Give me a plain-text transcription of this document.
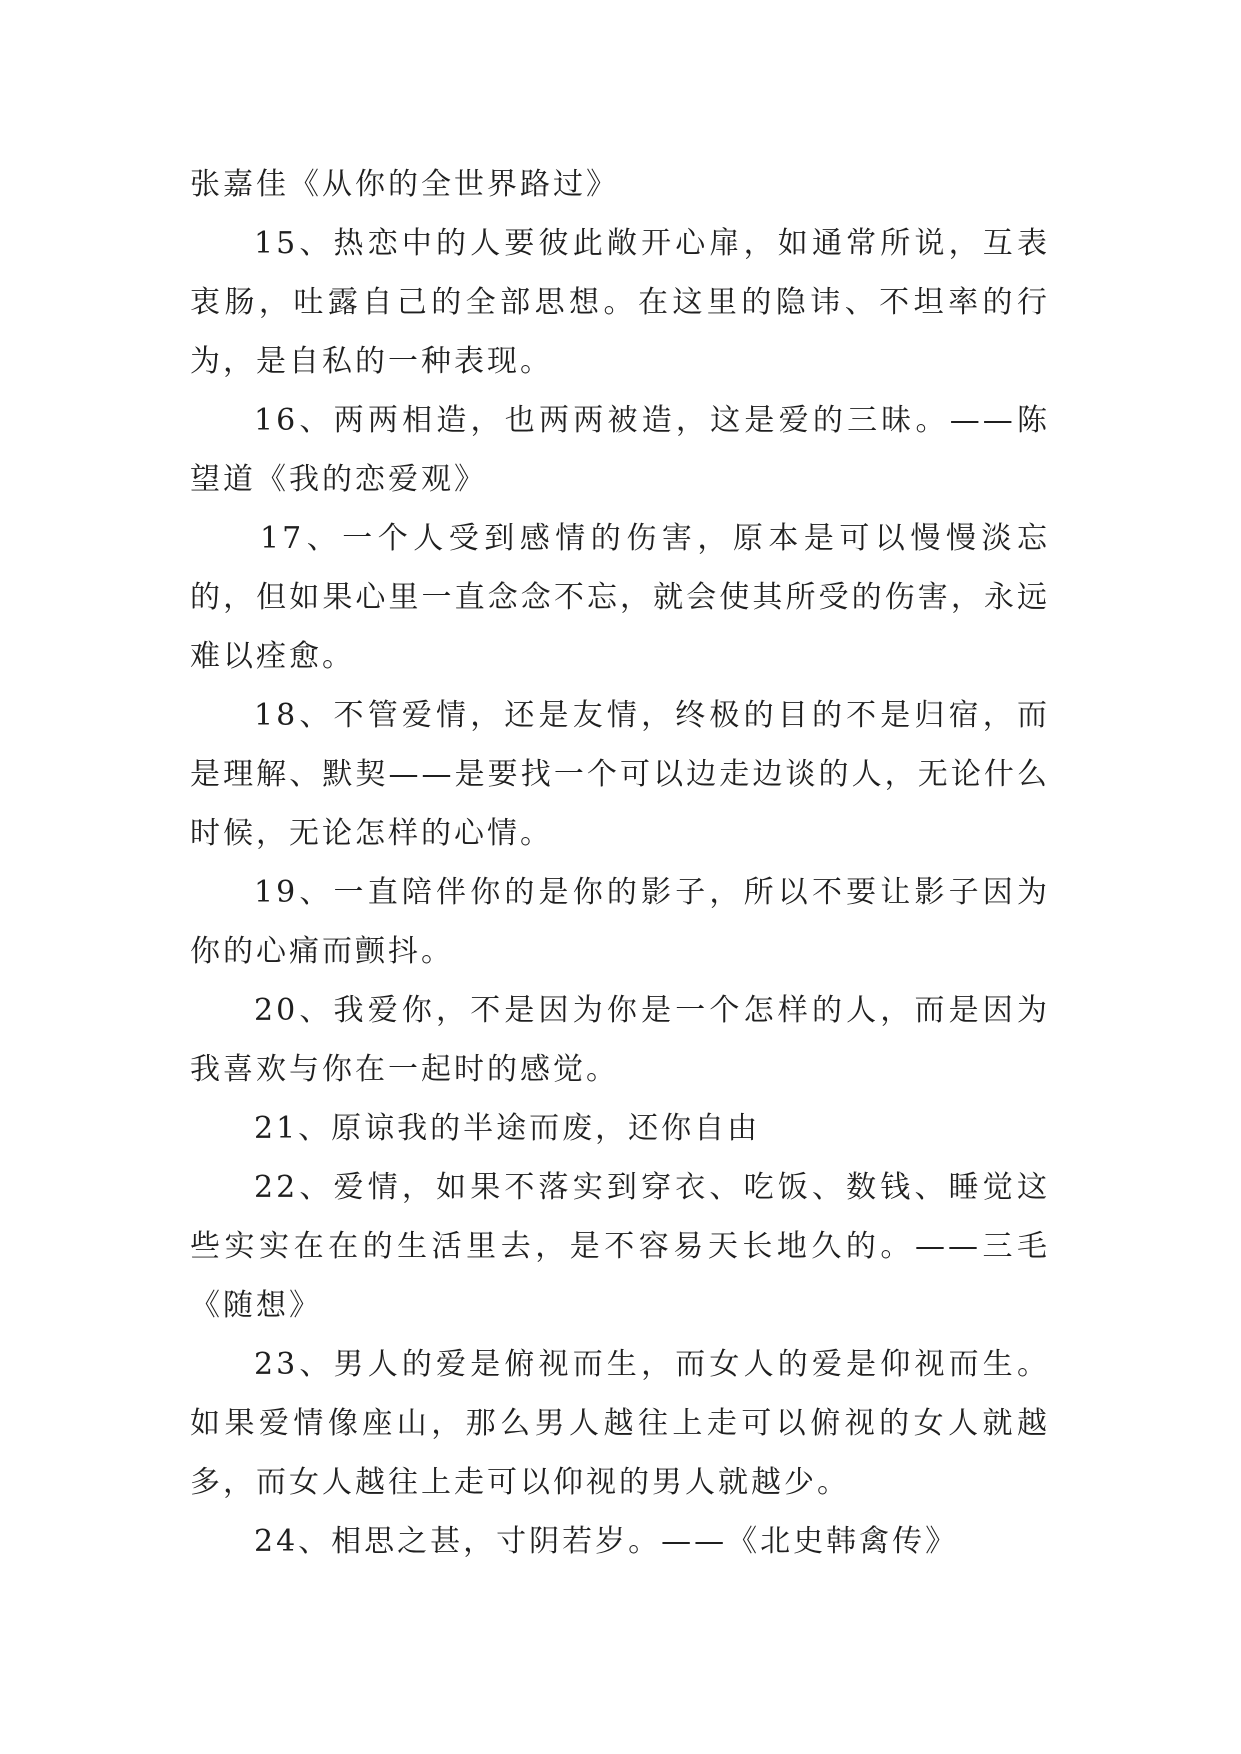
张嘉佳《从你的全世界路过》

15、热恋中的人要彼此敞开心扉，如通常所说，互表衷肠，吐露自己的全部思想。在这里的隐讳、不坦率的行为，是自私的一种表现。

16、两两相造，也两两被造，这是爱的三昧。——陈望道《我的恋爱观》

17、一个人受到感情的伤害，原本是可以慢慢淡忘的，但如果心里一直念念不忘，就会使其所受的伤害，永远难以痊愈。

18、不管爱情，还是友情，终极的目的不是归宿，而是理解、默契——是要找一个可以边走边谈的人，无论什么时候，无论怎样的心情。

19、一直陪伴你的是你的影子，所以不要让影子因为你的心痛而颤抖。

20、我爱你，不是因为你是一个怎样的人，而是因为我喜欢与你在一起时的感觉。

21、原谅我的半途而废，还你自由

22、爱情，如果不落实到穿衣、吃饭、数钱、睡觉这些实实在在的生活里去，是不容易天长地久的。——三毛《随想》

23、男人的爱是俯视而生，而女人的爱是仰视而生。如果爱情像座山，那么男人越往上走可以俯视的女人就越多，而女人越往上走可以仰视的男人就越少。

24、相思之甚，寸阴若岁。——《北史韩禽传》
